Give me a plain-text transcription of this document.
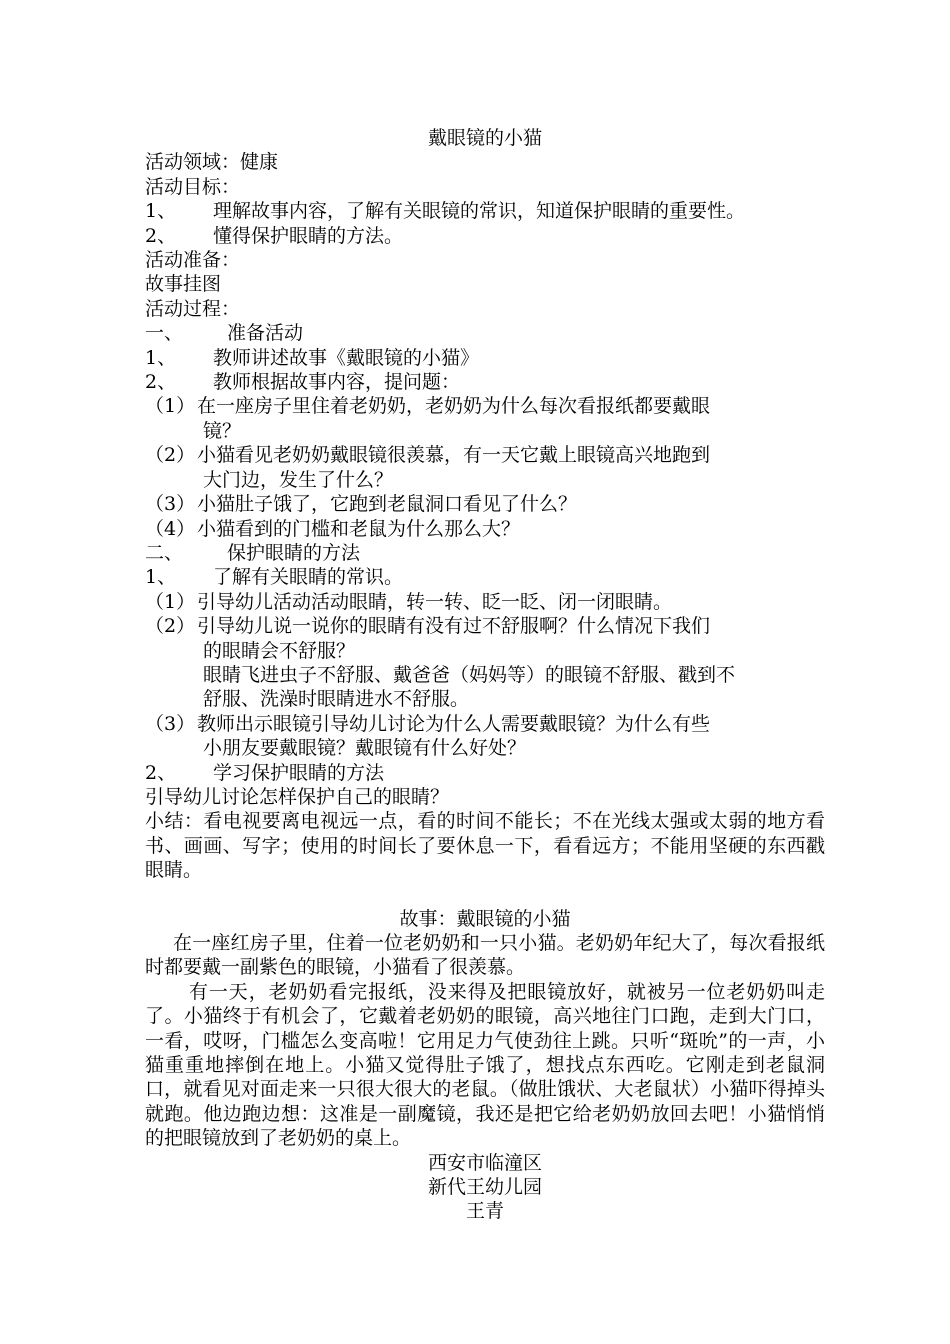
戴眼镜的小猫
活动领域：健康
活动目标：
1、 理解故事内容，了解有关眼镜的常识，知道保护眼睛的重要性。
2、 懂得保护眼睛的方法。
活动准备：
故事挂图
活动过程：
一、 准备活动
1、 教师讲述故事《戴眼镜的小猫》
2、 教师根据故事内容，提问题：
（1） 在一座房子里住着老奶奶，老奶奶为什么每次看报纸都要戴眼
镜？
（2） 小猫看见老奶奶戴眼镜很羡慕，有一天它戴上眼镜高兴地跑到
大门边，发生了什么？
（3） 小猫肚子饿了，它跑到老鼠洞口看见了什么？
（4） 小猫看到的门槛和老鼠为什么那么大？
二、 保护眼睛的方法
1、 了解有关眼睛的常识。
（1） 引导幼儿活动活动眼睛，转一转、眨一眨、闭一闭眼睛。
（2） 引导幼儿说一说你的眼睛有没有过不舒服啊？什么情况下我们
的眼睛会不舒服？
眼睛飞进虫子不舒服、戴爸爸（妈妈等）的眼镜不舒服、戳到不
舒服、洗澡时眼睛进水不舒服。
（3） 教师出示眼镜引导幼儿讨论为什么人需要戴眼镜？为什么有些
小朋友要戴眼镜？戴眼镜有什么好处？
2、 学习保护眼睛的方法
引导幼儿讨论怎样保护自己的眼睛？
小结：看电视要离电视远一点，看的时间不能长；不在光线太强或太弱的地方看书、画画、写字；使用的时间长了要休息一下，看看远方；不能用坚硬的东西戳眼睛。
故事：戴眼镜的小猫
在一座红房子里，住着一位老奶奶和一只小猫。老奶奶年纪大了，每次看报纸时都要戴一副紫色的眼镜，小猫看了很羡慕。
有一天，老奶奶看完报纸，没来得及把眼镜放好，就被另一位老奶奶叫走了。小猫终于有机会了，它戴着老奶奶的眼镜，高兴地往门口跑，走到大门口，一看，哎呀，门槛怎么变高啦！它用足力气使劲往上跳。只听“斑吮”的一声，小猫重重地摔倒在地上。小猫又觉得肚子饿了，想找点东西吃。它刚走到老鼠洞口，就看见对面走来一只很大很大的老鼠。（做肚饿状、大老鼠状）小猫吓得掉头就跑。他边跑边想：这准是一副魔镜，我还是把它给老奶奶放回去吧！小猫悄悄的把眼镜放到了老奶奶的桌上。
西安市临潼区
新代王幼儿园
王青
